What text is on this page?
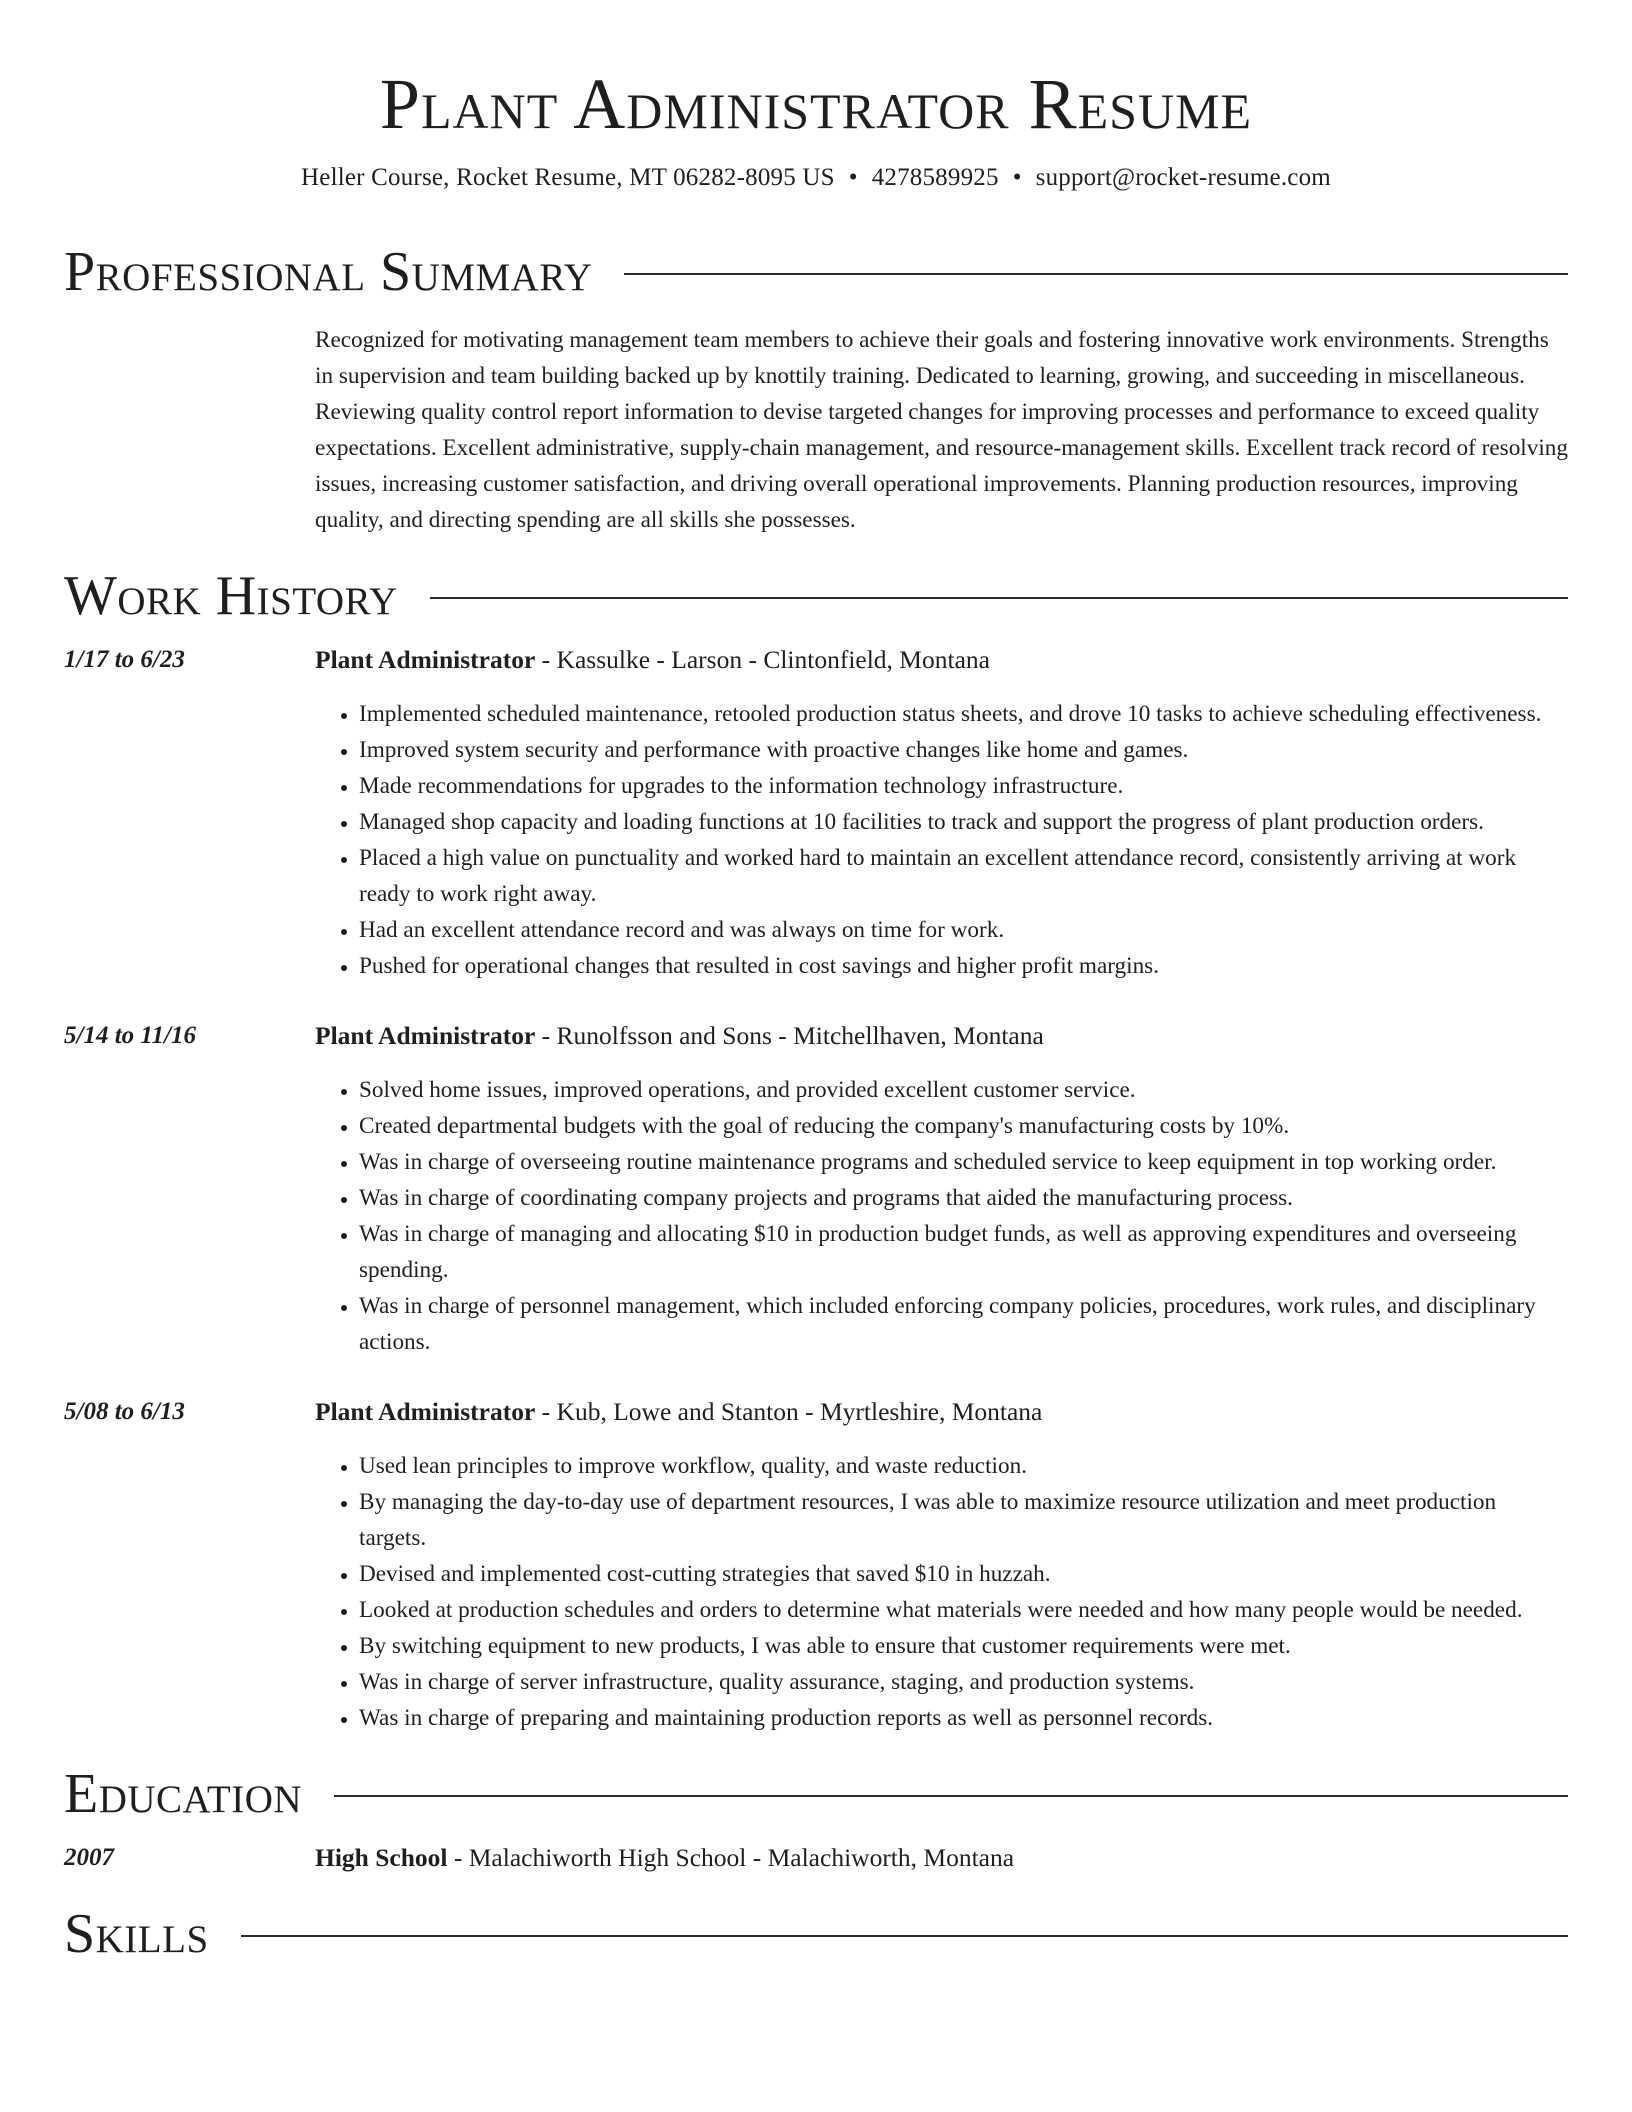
Plant Administrator Resume
Heller Course, Rocket Resume, MT 06282-8095 US • 4278589925 • support@rocket-resume.com
Professional Summary

Recognized for motivating management team members to achieve their goals and fostering innovative work environments. Strengths in supervision and team building backed up by knottily training. Dedicated to learning, growing, and succeeding in miscellaneous. Reviewing quality control report information to devise targeted changes for improving processes and performance to exceed quality expectations. Excellent administrative, supply-chain management, and resource-management skills. Excellent track record of resolving issues, increasing customer satisfaction, and driving overall operational improvements. Planning production resources, improving quality, and directing spending are all skills she possesses.

Work History
1/17 to 6/23	Plant Administrator - Kassulke - Larson - Clintonfield, Montana
• Implemented scheduled maintenance, retooled production status sheets, and drove 10 tasks to achieve scheduling effectiveness.
• Improved system security and performance with proactive changes like home and games.
• Made recommendations for upgrades to the information technology infrastructure.
• Managed shop capacity and loading functions at 10 facilities to track and support the progress of plant production orders.
• Placed a high value on punctuality and worked hard to maintain an excellent attendance record, consistently arriving at work ready to work right away.
• Had an excellent attendance record and was always on time for work.
• Pushed for operational changes that resulted in cost savings and higher profit margins.
5/14 to 11/16	Plant Administrator - Runolfsson and Sons - Mitchellhaven, Montana
• Solved home issues, improved operations, and provided excellent customer service.
• Created departmental budgets with the goal of reducing the company's manufacturing costs by 10%.
• Was in charge of overseeing routine maintenance programs and scheduled service to keep equipment in top working order.
• Was in charge of coordinating company projects and programs that aided the manufacturing process.
• Was in charge of managing and allocating $10 in production budget funds, as well as approving expenditures and overseeing spending.
• Was in charge of personnel management, which included enforcing company policies, procedures, work rules, and disciplinary actions.
5/08 to 6/13	Plant Administrator - Kub, Lowe and Stanton - Myrtleshire, Montana
• Used lean principles to improve workflow, quality, and waste reduction.
• By managing the day-to-day use of department resources, I was able to maximize resource utilization and meet production targets.
• Devised and implemented cost-cutting strategies that saved $10 in huzzah.
• Looked at production schedules and orders to determine what materials were needed and how many people would be needed.
• By switching equipment to new products, I was able to ensure that customer requirements were met.
• Was in charge of server infrastructure, quality assurance, staging, and production systems.
• Was in charge of preparing and maintaining production reports as well as personnel records.
Education
2007	High School - Malachiworth High School - Malachiworth, Montana
Skills
